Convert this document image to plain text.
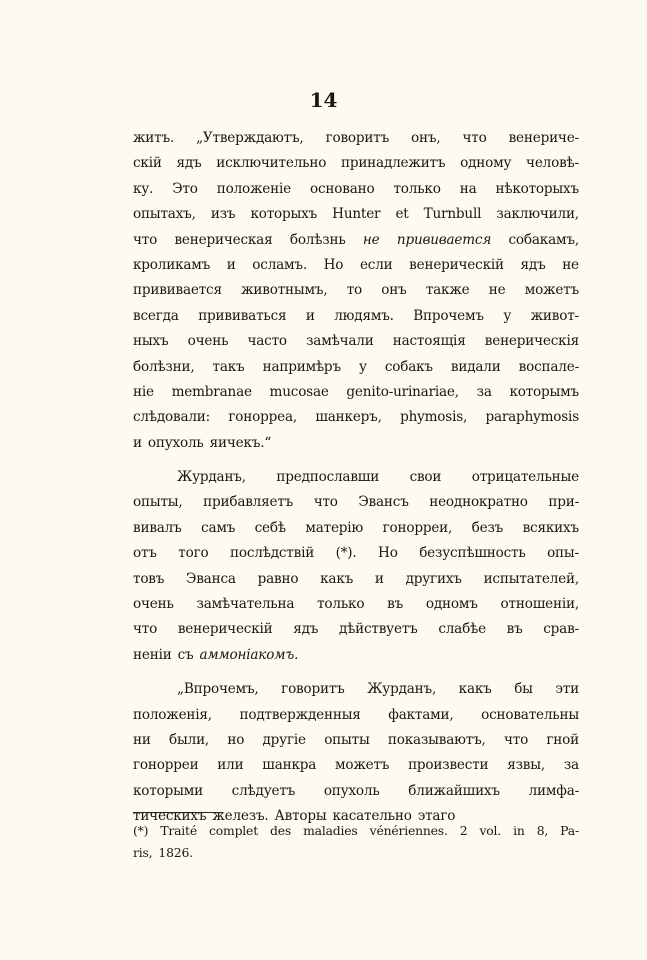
14
житъ. „Утверждаютъ, говоритъ онъ, что венериче-
скій ядъ исключительно принадлежитъ одному человѣ-
ку. Это положеніе основано только на нѣкоторыхъ
опытахъ, изъ которыхъ Hunter et Turnbull заключили,
что венерическая болѣзнь не прививается собакамъ,
кроликамъ и осламъ. Но если венерическій ядъ не
прививается животнымъ, то онъ также не можетъ
всегда прививаться и людямъ. Впрочемъ у живот-
ныхъ очень часто замѣчали настоящія венерическія
болѣзни, такъ напримѣръ у собакъ видали воспале-
ніе membranae mucosae genito-urinariae, за которымъ
слѣдовали: гонорреа, шанкеръ, phymosis, paraphymosis
и опухоль яичекъ.“
Журданъ, предпославши свои отрицательные
опыты, прибавляетъ что Эвансъ неоднократно при-
вивалъ самъ себѣ матерію гонорреи, безъ всякихъ
отъ того послѣдствій (*). Но безуспѣшность опы-
товъ Эванса равно какъ и другихъ испытателей,
очень замѣчательна только въ одномъ отношеніи,
что венерическій ядъ дѣйствуетъ слабѣе въ срав-
неніи съ аммоніакомъ.
„Впрочемъ, говоритъ Журданъ, какъ бы эти
положенія, подтвержденныя фактами, основательны
ни были, но другіе опыты показываютъ, что гной
гонорреи или шанкра можетъ произвести язвы, за
которыми слѣдуетъ опухоль ближайшихъ лимфа-
тическихъ железъ. Авторы касательно этаго
(*) Traité complet des maladies vénériennes. 2 vol. in 8, Pa-
ris, 1826.
